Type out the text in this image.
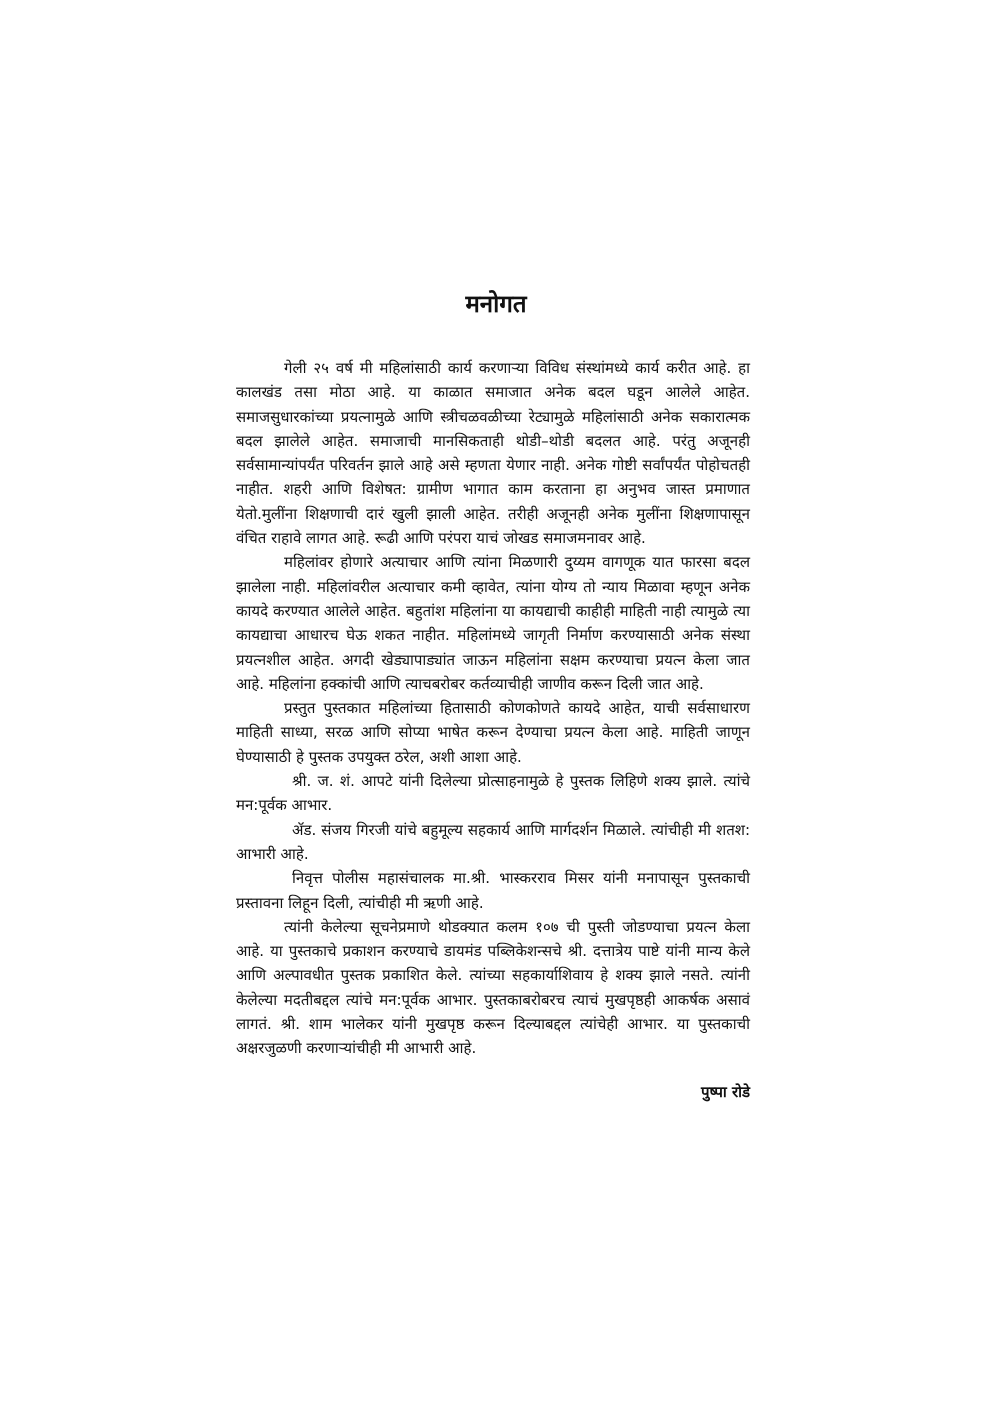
मनोगत

गेली २५ वर्ष मी महिलांसाठी कार्य करणाऱ्या विविध संस्थांमध्ये कार्य करीत आहे. हा कालखंड तसा मोठा आहे. या काळात समाजात अनेक बदल घडून आलेले आहेत. समाजसुधारकांच्या प्रयत्नामुळे आणि स्त्रीचळवळीच्या रेट्यामुळे महिलांसाठी अनेक सकारात्मक बदल झालेले आहेत. समाजाची मानसिकताही थोडी–थोडी बदलत आहे. परंतु अजूनही सर्वसामान्यांपर्यंत परिवर्तन झाले आहे असे म्हणता येणार नाही. अनेक गोष्टी सर्वांपर्यंत पोहोचतही नाहीत. शहरी आणि विशेषत: ग्रामीण भागात काम करताना हा अनुभव जास्त प्रमाणात येतो.मुलींना शिक्षणाची दारं खुली झाली आहेत. तरीही अजूनही अनेक मुलींना शिक्षणापासून वंचित राहावे लागत आहे. रूढी आणि परंपरा याचं जोखड समाजमनावर आहे.

महिलांवर होणारे अत्याचार आणि त्यांना मिळणारी दुय्यम वागणूक यात फारसा बदल झालेला नाही. महिलांवरील अत्याचार कमी व्हावेत, त्यांना योग्य तो न्याय मिळावा म्हणून अनेक कायदे करण्यात आलेले आहेत. बहुतांश महिलांना या कायद्याची काहीही माहिती नाही त्यामुळे त्या कायद्याचा आधारच घेऊ शकत नाहीत. महिलांमध्ये जागृती निर्माण करण्यासाठी अनेक संस्था प्रयत्नशील आहेत. अगदी खेड्यापाड्यांत जाऊन महिलांना सक्षम करण्याचा प्रयत्न केला जात आहे. महिलांना हक्कांची आणि त्याचबरोबर कर्तव्याचीही जाणीव करून दिली जात आहे.

प्रस्तुत पुस्तकात महिलांच्या हितासाठी कोणकोणते कायदे आहेत, याची सर्वसाधारण माहिती साध्या, सरळ आणि सोप्या भाषेत करून देण्याचा प्रयत्न केला आहे. माहिती जाणून घेण्यासाठी हे पुस्तक उपयुक्त ठरेल, अशी आशा आहे.

श्री. ज. शं. आपटे यांनी दिलेल्या प्रोत्साहनामुळे हे पुस्तक लिहिणे शक्य झाले. त्यांचे मन:पूर्वक आभार.

ॲड. संजय गिरजी यांचे बहुमूल्य सहकार्य आणि मार्गदर्शन मिळाले. त्यांचीही मी शतश: आभारी आहे.

निवृत्त पोलीस महासंचालक मा.श्री. भास्करराव मिसर यांनी मनापासून पुस्तकाची प्रस्तावना लिहून दिली, त्यांचीही मी ऋणी आहे.

त्यांनी केलेल्या सूचनेप्रमाणे थोडक्यात कलम १०७ ची पुस्ती जोडण्याचा प्रयत्न केला आहे. या पुस्तकाचे प्रकाशन करण्याचे डायमंड पब्लिकेशन्सचे श्री. दत्तात्रेय पाष्टे यांनी मान्य केले आणि अल्पावधीत पुस्तक प्रकाशित केले. त्यांच्या सहकार्याशिवाय हे शक्य झाले नसते. त्यांनी केलेल्या मदतीबद्दल त्यांचे मन:पूर्वक आभार. पुस्तकाबरोबरच त्याचं मुखपृष्ठही आकर्षक असावं लागतं. श्री. शाम भालेकर यांनी मुखपृष्ठ करून दिल्याबद्दल त्यांचेही आभार. या पुस्तकाची अक्षरजुळणी करणाऱ्यांचीही मी आभारी आहे.

पुष्पा रोडे
